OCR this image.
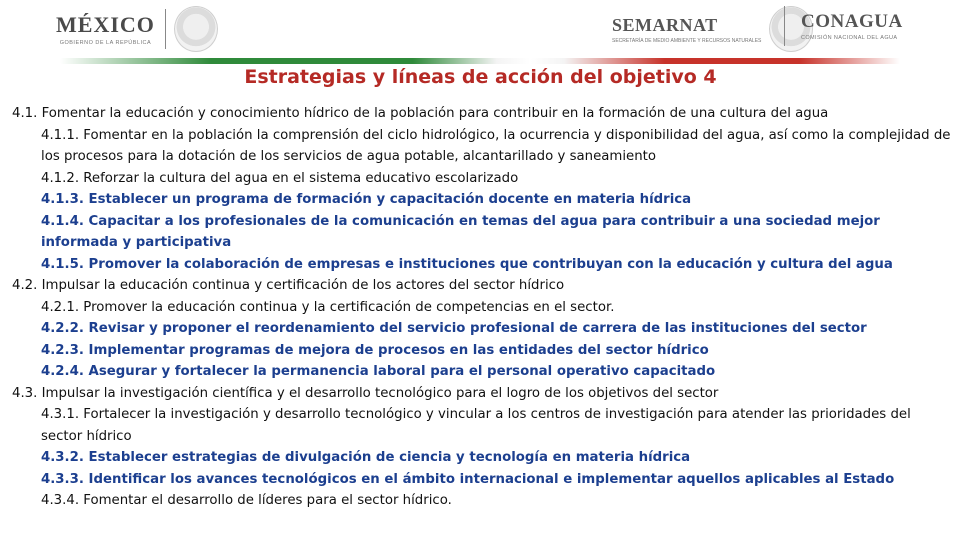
MÉXICO
GOBIERNO DE LA REPÚBLICA
SEMARNAT
SECRETARÍA DE MEDIO AMBIENTE Y RECURSOS NATURALES
CONAGUA
COMISIÓN NACIONAL DEL AGUA
Estrategias y líneas de acción del objetivo 4
4.1. Fomentar la educación y conocimiento hídrico de la población para contribuir en la formación de una cultura del agua
4.1.1. Fomentar en la población la comprensión del ciclo hidrológico, la ocurrencia y disponibilidad del agua, así como la complejidad de los procesos para la dotación de los servicios de agua potable, alcantarillado y saneamiento
4.1.2. Reforzar la cultura del agua en el sistema educativo escolarizado
4.1.3. Establecer un programa de formación y capacitación docente en materia hídrica
4.1.4. Capacitar a los profesionales de la comunicación en temas del agua para contribuir a una sociedad mejor informada y participativa
4.1.5. Promover la colaboración de empresas e instituciones que contribuyan con la educación y cultura del agua
4.2. Impulsar la educación continua y certificación de los actores del sector hídrico
4.2.1. Promover la educación continua y la certificación de competencias en el sector.
4.2.2. Revisar y proponer el reordenamiento del servicio profesional de carrera de las instituciones del sector
4.2.3. Implementar programas de mejora de procesos en las entidades del sector hídrico
4.2.4. Asegurar y fortalecer la permanencia laboral para el personal operativo capacitado
4.3. Impulsar la investigación científica y el desarrollo tecnológico para el logro de los objetivos del sector
4.3.1. Fortalecer la investigación y desarrollo tecnológico y vincular a los centros de investigación para atender las prioridades del sector hídrico
4.3.2. Establecer estrategias de divulgación de ciencia y tecnología en materia hídrica
4.3.3. Identificar los avances tecnológicos en el ámbito internacional e implementar aquellos aplicables al Estado
4.3.4. Fomentar el desarrollo de líderes para el sector hídrico.
